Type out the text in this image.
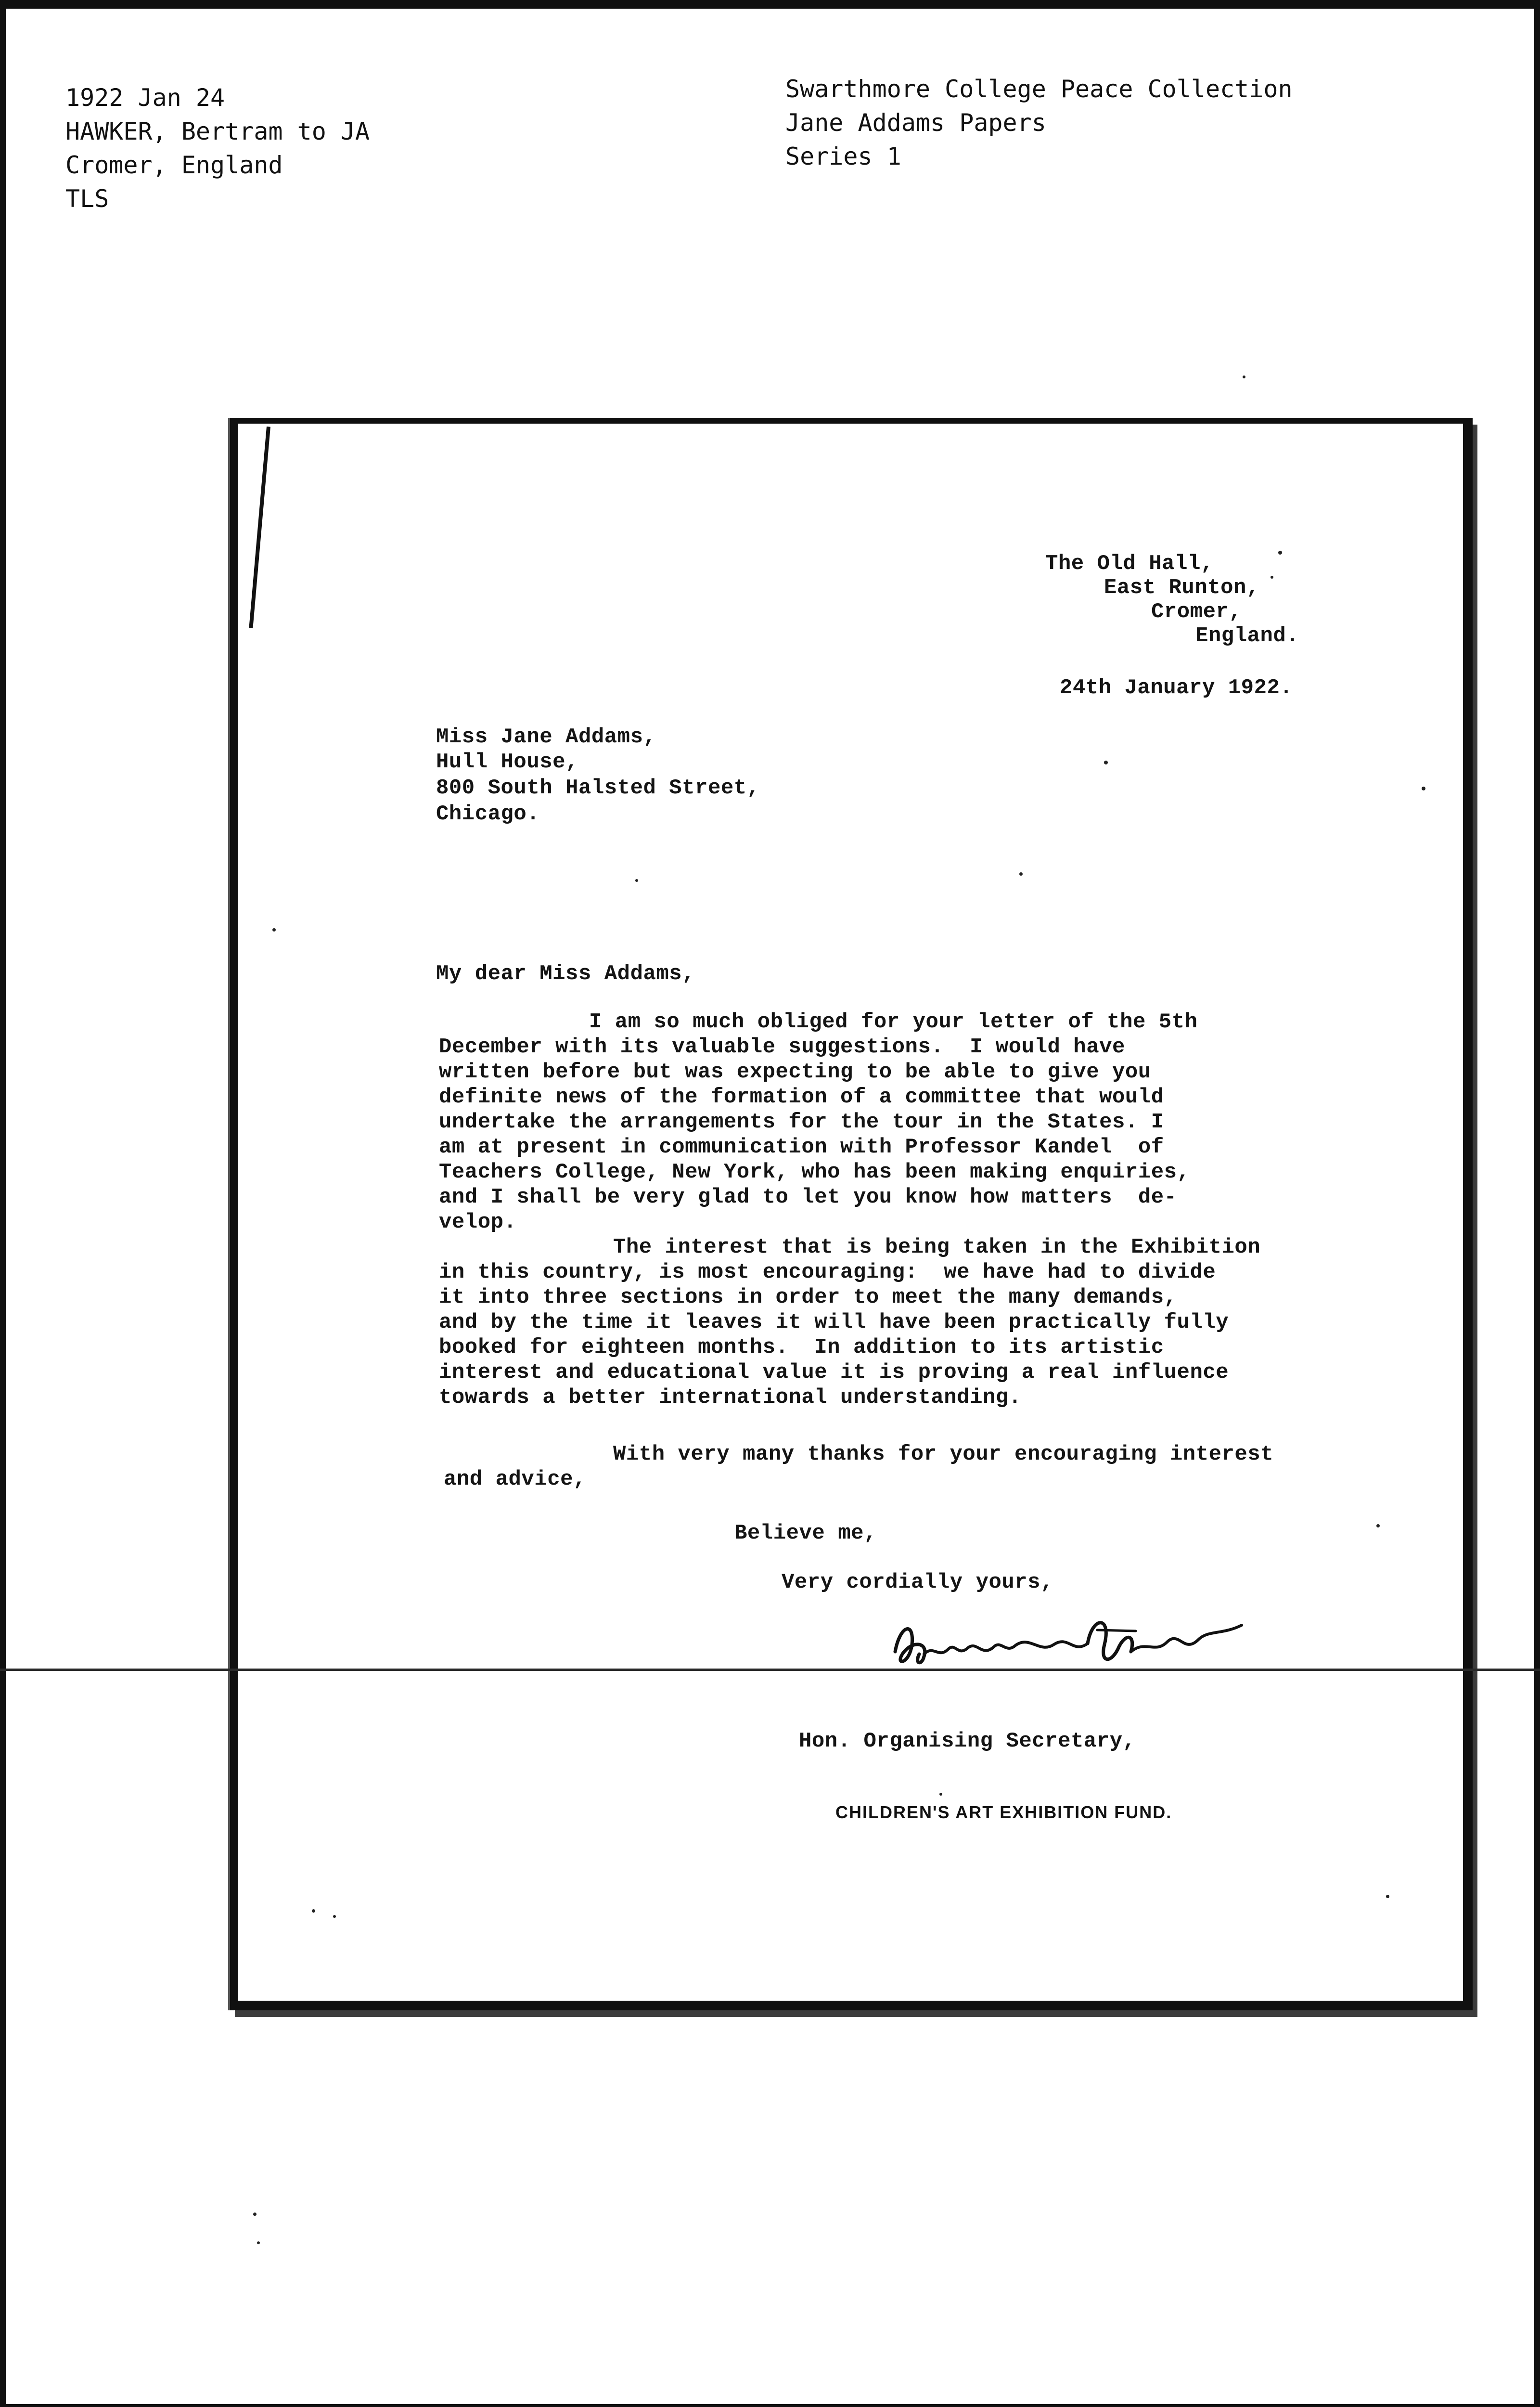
1922 Jan 24
HAWKER, Bertram to JA
Cromer, England
TLS
Swarthmore College Peace Collection
Jane Addams Papers
Series 1
The Old Hall,
East Runton,
Cromer,
England.
24th January 1922.
Miss Jane Addams,
Hull House,
800 South Halsted Street,
Chicago.
My dear Miss Addams,
I am so much obliged for your letter of the 5th
December with its valuable suggestions.  I would have
written before but was expecting to be able to give you
definite news of the formation of a committee that would
undertake the arrangements for the tour in the States. I
am at present in communication with Professor Kandel  of
Teachers College, New York, who has been making enquiries,
and I shall be very glad to let you know how matters  de-
velop.
The interest that is being taken in the Exhibition
in this country, is most encouraging:  we have had to divide
it into three sections in order to meet the many demands,
and by the time it leaves it will have been practically fully
booked for eighteen months.  In addition to its artistic
interest and educational value it is proving a real influence
towards a better international understanding.
With very many thanks for your encouraging interest
and advice,
Believe me,
Very cordially yours,
Hon. Organising Secretary,
CHILDREN'S ART EXHIBITION FUND.
